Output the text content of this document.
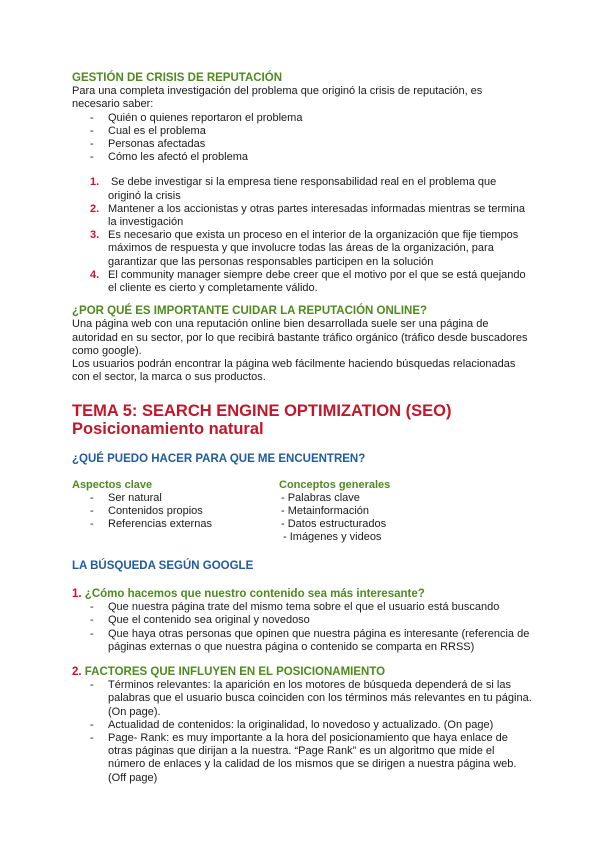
GESTIÓN DE CRISIS DE REPUTACIÓN

Para una completa investigación del problema que originó la crisis de reputación, es necesario saber:

- Quién o quienes reportaron el problema
- Cual es el problema
- Personas afectadas
- Cómo les afectó el problema
1. Se debe investigar si la empresa tiene responsabilidad real en el problema que originó la crisis
2. Mantener a los accionistas y otras partes interesadas informadas mientras se termina la investigación
3. Es necesario que exista un proceso en el interior de la organización que fije tiempos máximos de respuesta y que involucre todas las áreas de la organización, para garantizar que las personas responsables participen en la solución
4. El community manager siempre debe creer que el motivo por el que se está quejando el cliente es cierto y completamente válido.
¿POR QUÉ ES IMPORTANTE CUIDAR LA REPUTACIÓN ONLINE?

Una página web con una reputación online bien desarrollada suele ser una página de autoridad en su sector, por lo que recibirá bastante tráfico orgánico (tráfico desde buscadores como google).

Los usuarios podrán encontrar la página web fácilmente haciendo búsquedas relacionadas con el sector, la marca o sus productos.

TEMA 5: SEARCH ENGINE OPTIMIZATION (SEO)
Posicionamiento natural
¿QUÉ PUEDO HACER PARA QUE ME ENCUENTREN?
Aspectos clave
- Ser natural
- Contenidos propios
- Referencias externas
Conceptos generales
- Palabras clave
- Metainformación
- Datos estructurados
- Imágenes y videos
LA BÚSQUEDA SEGÚN GOOGLE
1. ¿Cómo hacemos que nuestro contenido sea más interesante?
- Que nuestra página trate del mismo tema sobre el que el usuario está buscando
- Que el contenido sea original y novedoso
- Que haya otras personas que opinen que nuestra página es interesante (referencia de páginas externas o que nuestra página o contenido se comparta en RRSS)
2. FACTORES QUE INFLUYEN EN EL POSICIONAMIENTO
- Términos relevantes: la aparición en los motores de búsqueda dependerá de si las palabras que el usuario busca coinciden con los términos más relevantes en tu página. (On page).
- Actualidad de contenidos: la originalidad, lo novedoso y actualizado. (On page)
- Page- Rank: es muy importante a la hora del posicionamiento que haya enlace de otras páginas que dirijan a la nuestra. “Page Rank” es un algoritmo que mide el número de enlaces y la calidad de los mismos que se dirigen a nuestra página web. (Off page)
